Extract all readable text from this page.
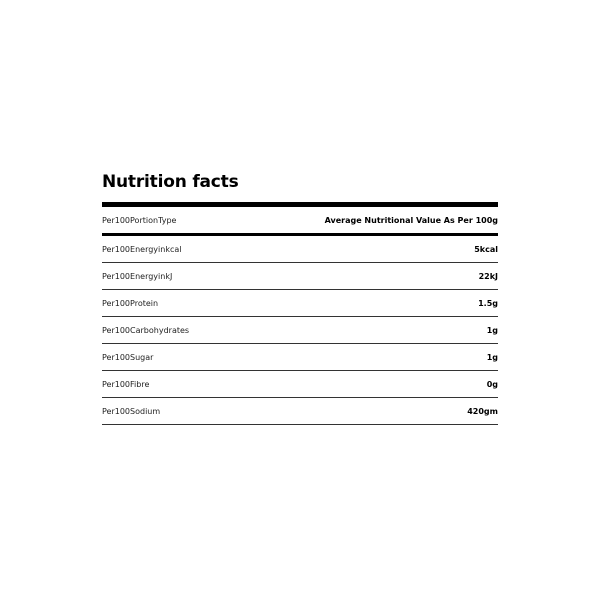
Nutrition facts
Per100PortionType	Average Nutritional Value As Per 100g
Per100Energyinkcal	5kcal
Per100EnergyinkJ	22kJ
Per100Protein	1.5g
Per100Carbohydrates	1g
Per100Sugar	1g
Per100Fibre	0g
Per100Sodium	420gm
